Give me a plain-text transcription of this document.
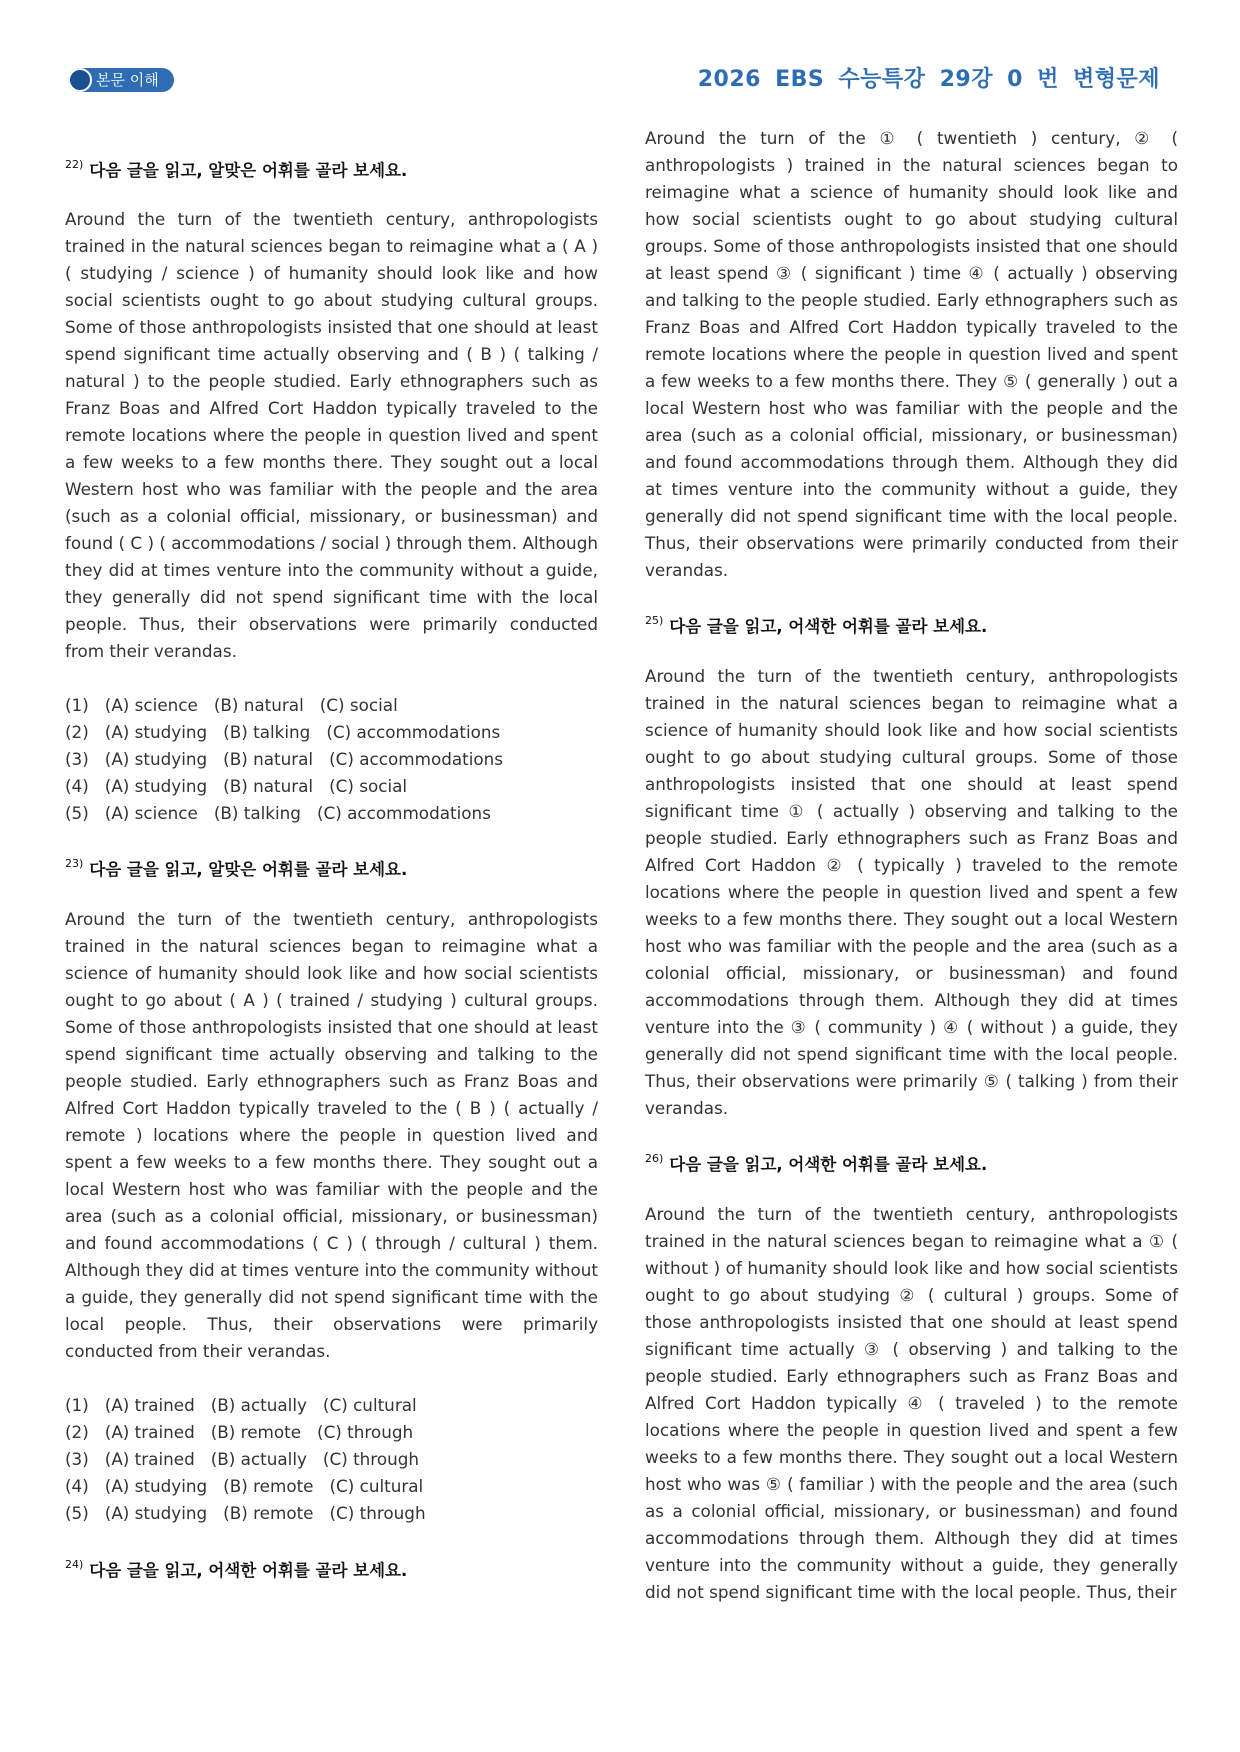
본문 이해	2026 EBS 수능특강 29강 0 번 변형문제
$^{22)}$ 다음 글을 읽고, 알맞은 어휘를 골라 보세요.
Around the turn of the twentieth century, anthropologists trained in the natural sciences began to reimagine what a ( A ) ( studying / science ) of humanity should look like and how social scientists ought to go about studying cultural groups. Some of those anthropologists insisted that one should at least spend significant time actually observing and ( B ) ( talking / natural ) to the people studied. Early ethnographers such as Franz Boas and Alfred Cort Haddon typically traveled to the remote locations where the people in question lived and spent a few weeks to a few months there. They sought out a local Western host who was familiar with the people and the area (such as a colonial official, missionary, or businessman) and found ( C ) ( accommodations / social ) through them. Although they did at times venture into the community without a guide, they generally did not spend significant time with the local people. Thus, their observations were primarily conducted from their verandas.
(1)   (A) science   (B) natural   (C) social
(2)   (A) studying   (B) talking   (C) accommodations
(3)   (A) studying   (B) natural   (C) accommodations
(4)   (A) studying   (B) natural   (C) social
(5)   (A) science   (B) talking   (C) accommodations
$^{23)}$ 다음 글을 읽고, 알맞은 어휘를 골라 보세요.
Around the turn of the twentieth century, anthropologists trained in the natural sciences began to reimagine what a science of humanity should look like and how social scientists ought to go about ( A ) ( trained / studying ) cultural groups. Some of those anthropologists insisted that one should at least spend significant time actually observing and talking to the people studied. Early ethnographers such as Franz Boas and Alfred Cort Haddon typically traveled to the ( B ) ( actually / remote ) locations where the people in question lived and spent a few weeks to a few months there. They sought out a local Western host who was familiar with the people and the area (such as a colonial official, missionary, or businessman) and found accommodations ( C ) ( through / cultural ) them. Although they did at times venture into the community without a guide, they generally did not spend significant time with the local people. Thus, their observations were primarily conducted from their verandas.
(1)   (A) trained   (B) actually   (C) cultural
(2)   (A) trained   (B) remote   (C) through
(3)   (A) trained   (B) actually   (C) through
(4)   (A) studying   (B) remote   (C) cultural
(5)   (A) studying   (B) remote   (C) through
$^{24)}$ 다음 글을 읽고, 어색한 어휘를 골라 보세요.
Around the turn of the ① ( twentieth ) century, ② ( anthropologists ) trained in the natural sciences began to reimagine what a science of humanity should look like and how social scientists ought to go about studying cultural groups. Some of those anthropologists insisted that one should at least spend ③ ( significant ) time ④ ( actually ) observing and talking to the people studied. Early ethnographers such as Franz Boas and Alfred Cort Haddon typically traveled to the remote locations where the people in question lived and spent a few weeks to a few months there. They ⑤ ( generally ) out a local Western host who was familiar with the people and the area (such as a colonial official, missionary, or businessman) and found accommodations through them. Although they did at times venture into the community without a guide, they generally did not spend significant time with the local people. Thus, their observations were primarily conducted from their verandas.
$^{25)}$ 다음 글을 읽고, 어색한 어휘를 골라 보세요.
Around the turn of the twentieth century, anthropologists trained in the natural sciences began to reimagine what a science of humanity should look like and how social scientists ought to go about studying cultural groups. Some of those anthropologists insisted that one should at least spend significant time ① ( actually ) observing and talking to the people studied. Early ethnographers such as Franz Boas and Alfred Cort Haddon ② ( typically ) traveled to the remote locations where the people in question lived and spent a few weeks to a few months there. They sought out a local Western host who was familiar with the people and the area (such as a colonial official, missionary, or businessman) and found accommodations through them. Although they did at times venture into the ③ ( community ) ④ ( without ) a guide, they generally did not spend significant time with the local people. Thus, their observations were primarily ⑤ ( talking ) from their verandas.
$^{26)}$ 다음 글을 읽고, 어색한 어휘를 골라 보세요.
Around the turn of the twentieth century, anthropologists trained in the natural sciences began to reimagine what a ① ( without ) of humanity should look like and how social scientists ought to go about studying ② ( cultural ) groups. Some of those anthropologists insisted that one should at least spend significant time actually ③ ( observing ) and talking to the people studied. Early ethnographers such as Franz Boas and Alfred Cort Haddon typically ④ ( traveled ) to the remote locations where the people in question lived and spent a few weeks to a few months there. They sought out a local Western host who was ⑤ ( familiar ) with the people and the area (such as a colonial official, missionary, or businessman) and found accommodations through them. Although they did at times venture into the community without a guide, they generally did not spend significant time with the local people. Thus, their
